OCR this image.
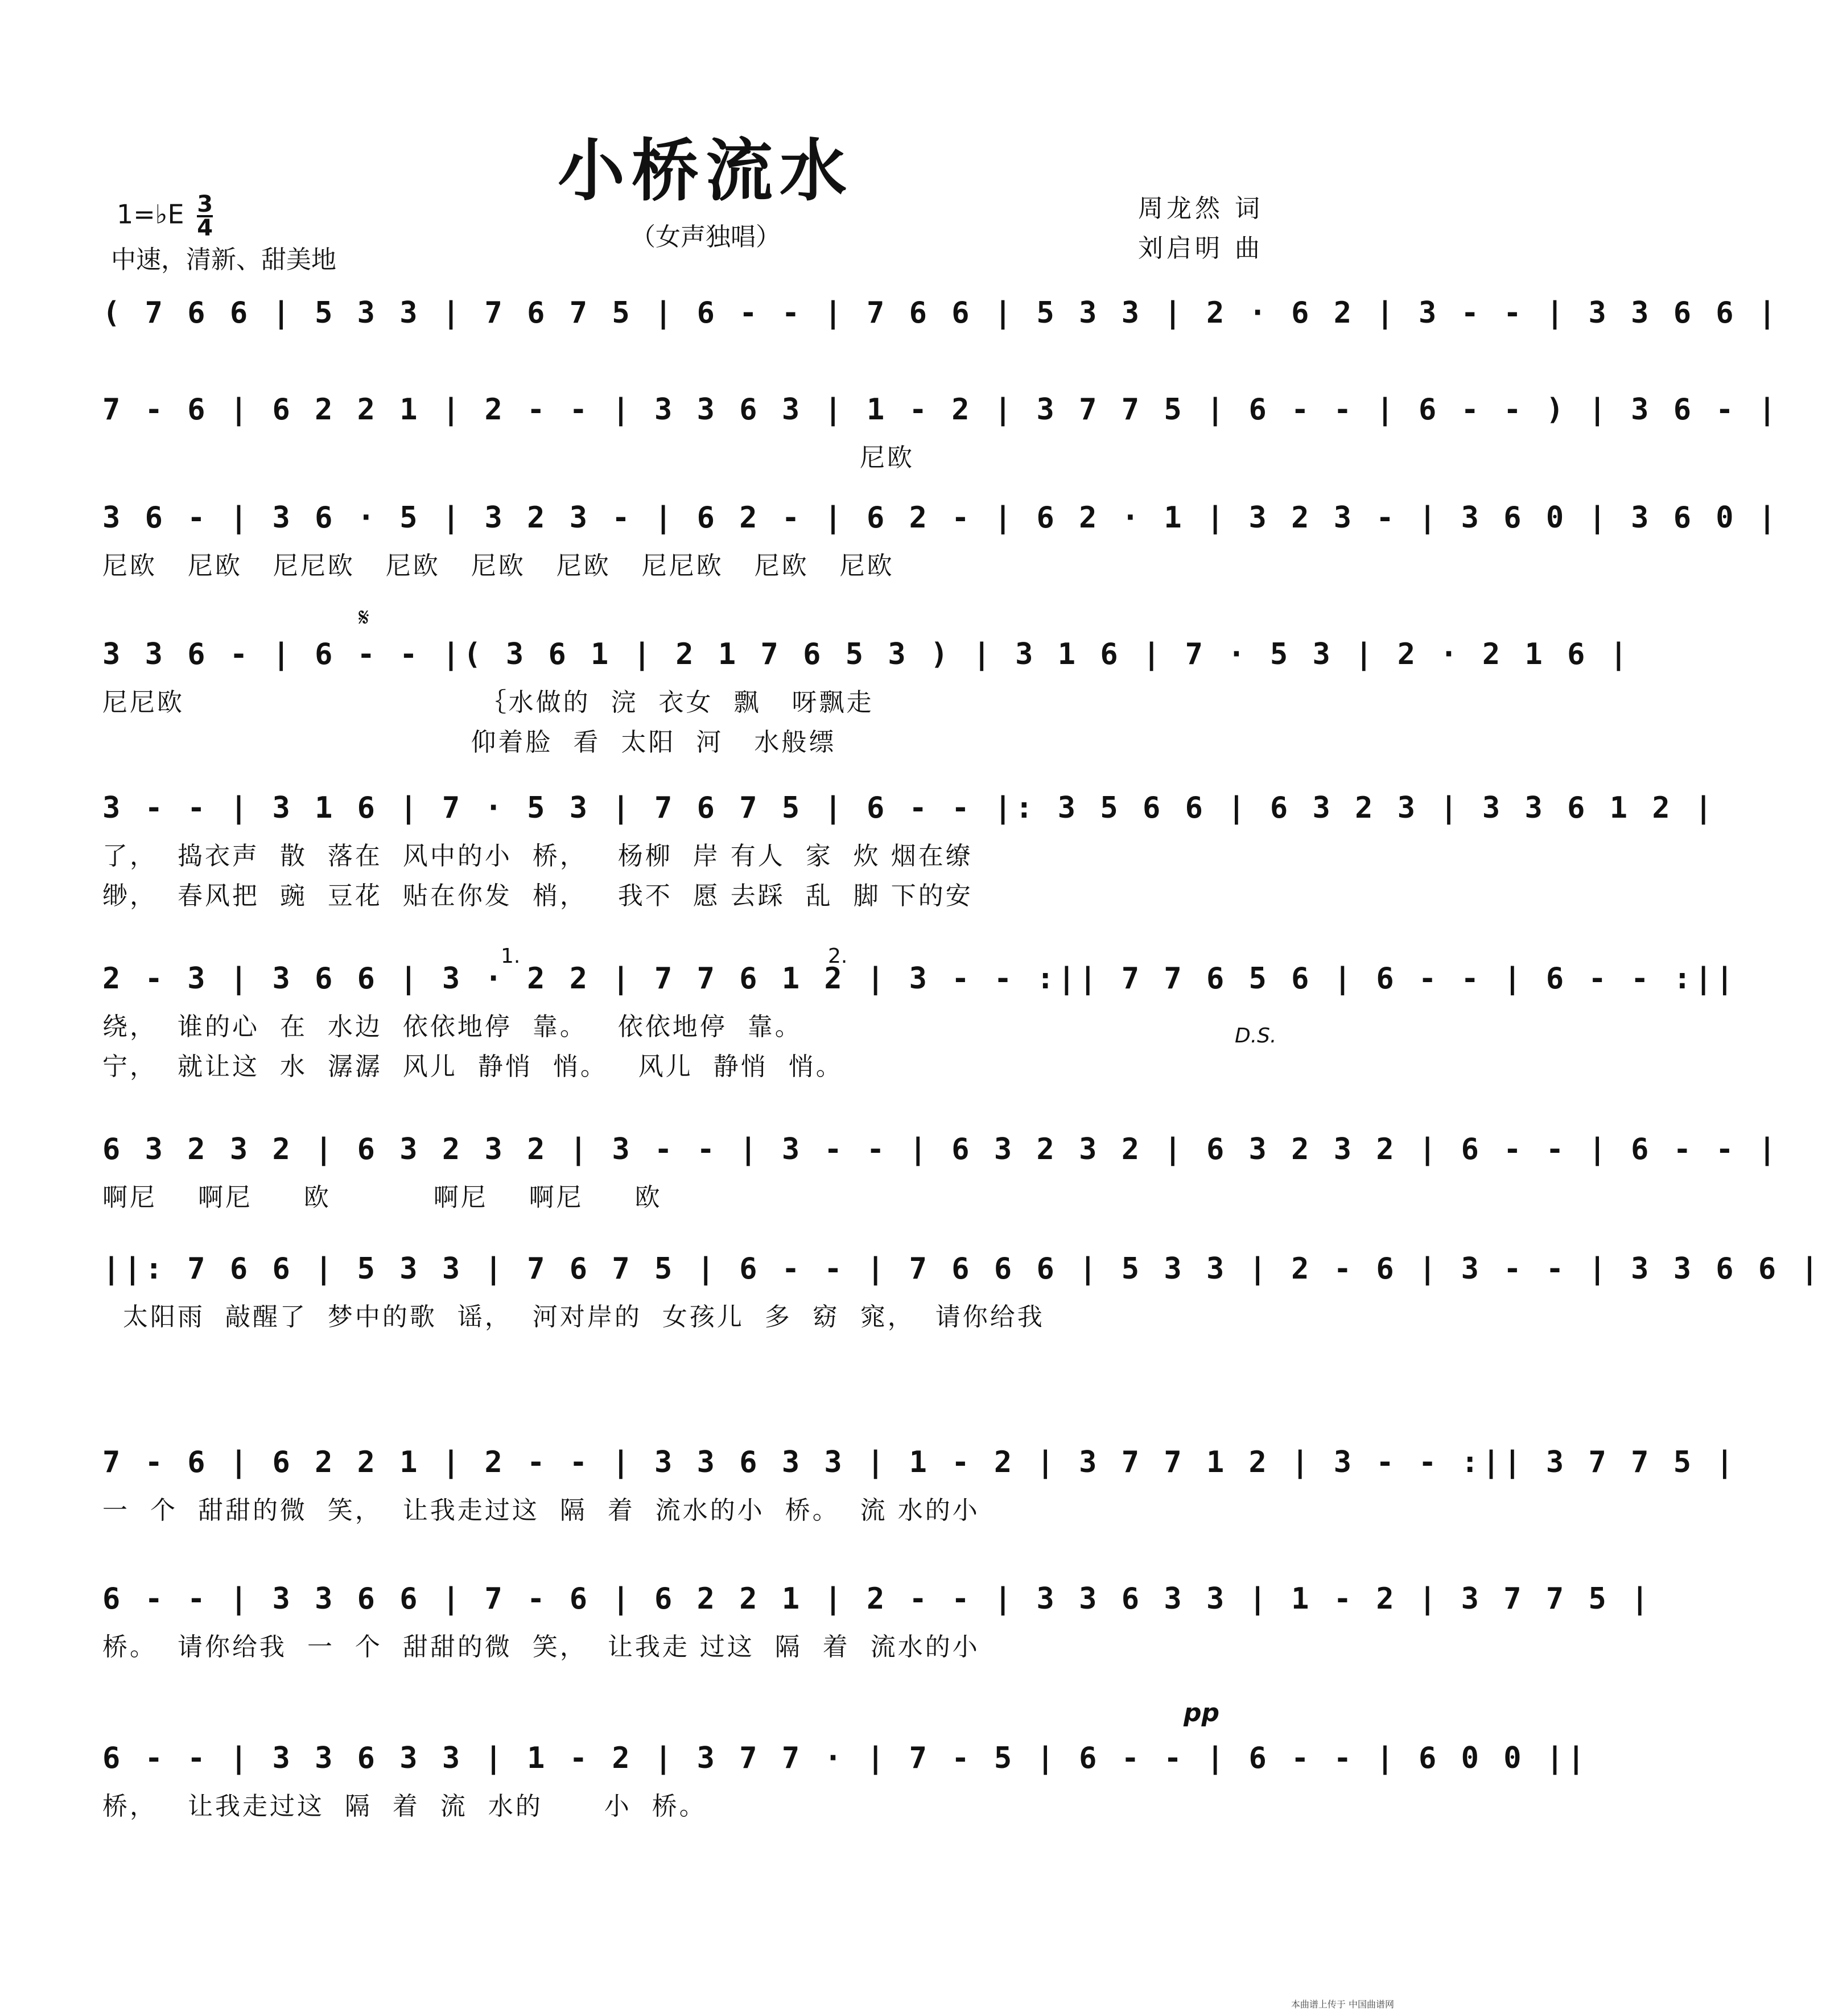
小桥流水
（女声独唱）
1=♭E $\frac{3}{4}$
中速，清新、甜美地
周龙然 词
刘启明 曲
( 7 6 6 | 5 3 3 | 7 6 7 5 | 6 - - | 7 6 6 | 5 3 3 | 2 · 6 2 | 3 - - | 3 3 6 6 |
7 - 6 | 6 2 2 1 | 2 - - | 3 3 6 3 | 1 - 2 | 3 7 7 5 | 6 - - | 6 - - ) | 3 6 - |
尼欧
3 6 - | 3 6 · 5 | 3 2 3 - | 6 2 - | 6 2 - | 6 2 · 1 | 3 2 3 - | 3 6 0 | 3 6 0 |
尼欧   尼欧   尼尼欧   尼欧   尼欧   尼欧   尼尼欧   尼欧   尼欧
3 3 6 - | 6 - - |( 3 6 1 | 2 1 7 6 5 3 ) | 3 1 6 | 7 · 5 3 | 2 · 2 1 6 |
尼尼欧                             ｛水做的  浣  衣女  飘   呀飘走
仰着脸  看  太阳  河   水般缥
3 - - | 3 1 6 | 7 · 5 3 | 7 6 7 5 | 6 - - |: 3 5 6 6 | 6 3 2 3 | 3 3 6 1 2 |
了，  捣衣声  散  落在  风中的小  桥，   杨柳  岸 有人  家  炊 烟在缭
缈，  春风把  豌  豆花  贴在你发  梢，   我不  愿 去踩  乱  脚 下的安
2 - 3 | 3 6 6 | 3 · 2 2 | 7 7 6 1 2 | 3 - - :|| 7 7 6 5 6 | 6 - - | 6 - - :||
绕，  谁的心  在  水边  依依地停  靠。   依依地停  靠。
宁，  就让这  水  潺潺  风儿  静悄  悄。   风儿  静悄  悄。
6 3 2 3 2 | 6 3 2 3 2 | 3 - - | 3 - - | 6 3 2 3 2 | 6 3 2 3 2 | 6 - - | 6 - - |
啊尼    啊尼     欧          啊尼    啊尼     欧
||: 7 6 6 | 5 3 3 | 7 6 7 5 | 6 - - | 7 6 6 6 | 5 3 3 | 2 - 6 | 3 - - | 3 3 6 6 |
太阳雨  敲醒了  梦中的歌  谣，  河对岸的  女孩儿  多  窈  窕，  请你给我
7 - 6 | 6 2 2 1 | 2 - - | 3 3 6 3 3 | 1 - 2 | 3 7 7 1 2 | 3 - - :|| 3 7 7 5 |
一  个  甜甜的微  笑，  让我走过这  隔  着  流水的小  桥。  流 水的小
6 - - | 3 3 6 6 | 7 - 6 | 6 2 2 1 | 2 - - | 3 3 6 3 3 | 1 - 2 | 3 7 7 5 |
桥。  请你给我  一  个  甜甜的微  笑，  让我走 过这  隔  着  流水的小
6 - - | 3 3 6 3 3 | 1 - 2 | 3 7 7 · | 7 - 5 | 6 - - | 6 - - | 6 0 0 ||
桥，   让我走过这  隔  着  流  水的      小  桥。
D.S.
pp
𝄋
1.	2.
本曲谱上传于 中国曲谱网
